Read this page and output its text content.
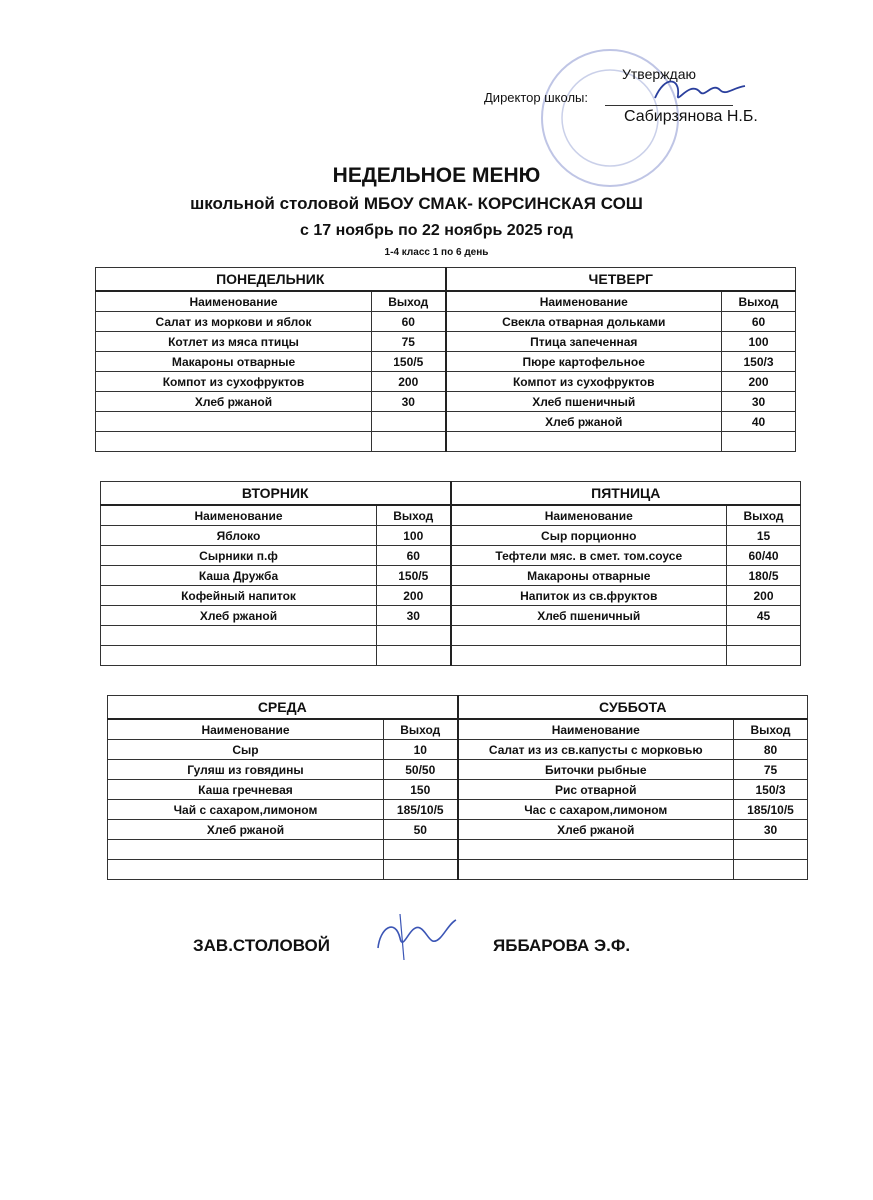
Утверждаю
Директор школы:
Сабирзянова Н.Б.
НЕДЕЛЬНОЕ МЕНЮ
школьной столовой МБОУ СМАК- КОРСИНСКАЯ СОШ
с 17 ноябрь по 22 ноябрь 2025 год
1-4 класс 1 по 6 день
ПОНЕДЕЛЬНИК		ЧЕТВЕРГ	
Наименование	Выход	Наименование	Выход
Салат из моркови и яблок	60	Свекла отварная дольками	60
Котлет из мяса птицы	75	Птица запеченная	100
Макароны отварные	150/5	Пюре картофельное	150/3
Компот из сухофруктов	200	Компот из сухофруктов	200
Хлеб ржаной	30	Хлеб пшеничный	30
		Хлеб ржаной	40

ВТОРНИК		ПЯТНИЦА	
Наименование	Выход	Наименование	Выход
Яблоко	100	Сыр порционно	15
Сырники п.ф	60	Тефтели мяс. в смет. том.соусе	60/40
Каша Дружба	150/5	Макароны отварные	180/5
Кофейный напиток	200	Напиток из св.фруктов	200
Хлеб ржаной	30	Хлеб пшеничный	45

СРЕДА		СУББОТА	
Наименование	Выход	Наименование	Выход
Сыр	10	Салат из из св.капусты с морковью	80
Гуляш из говядины	50/50	Биточки рыбные	75
Каша гречневая	150	Рис отварной	150/3
Чай с сахаром,лимоном	185/10/5	Час с сахаром,лимоном	185/10/5
Хлеб ржаной	50	Хлеб ржаной	30

ЗАВ.СТОЛОВОЙ	ЯББАРОВА Э.Ф.
